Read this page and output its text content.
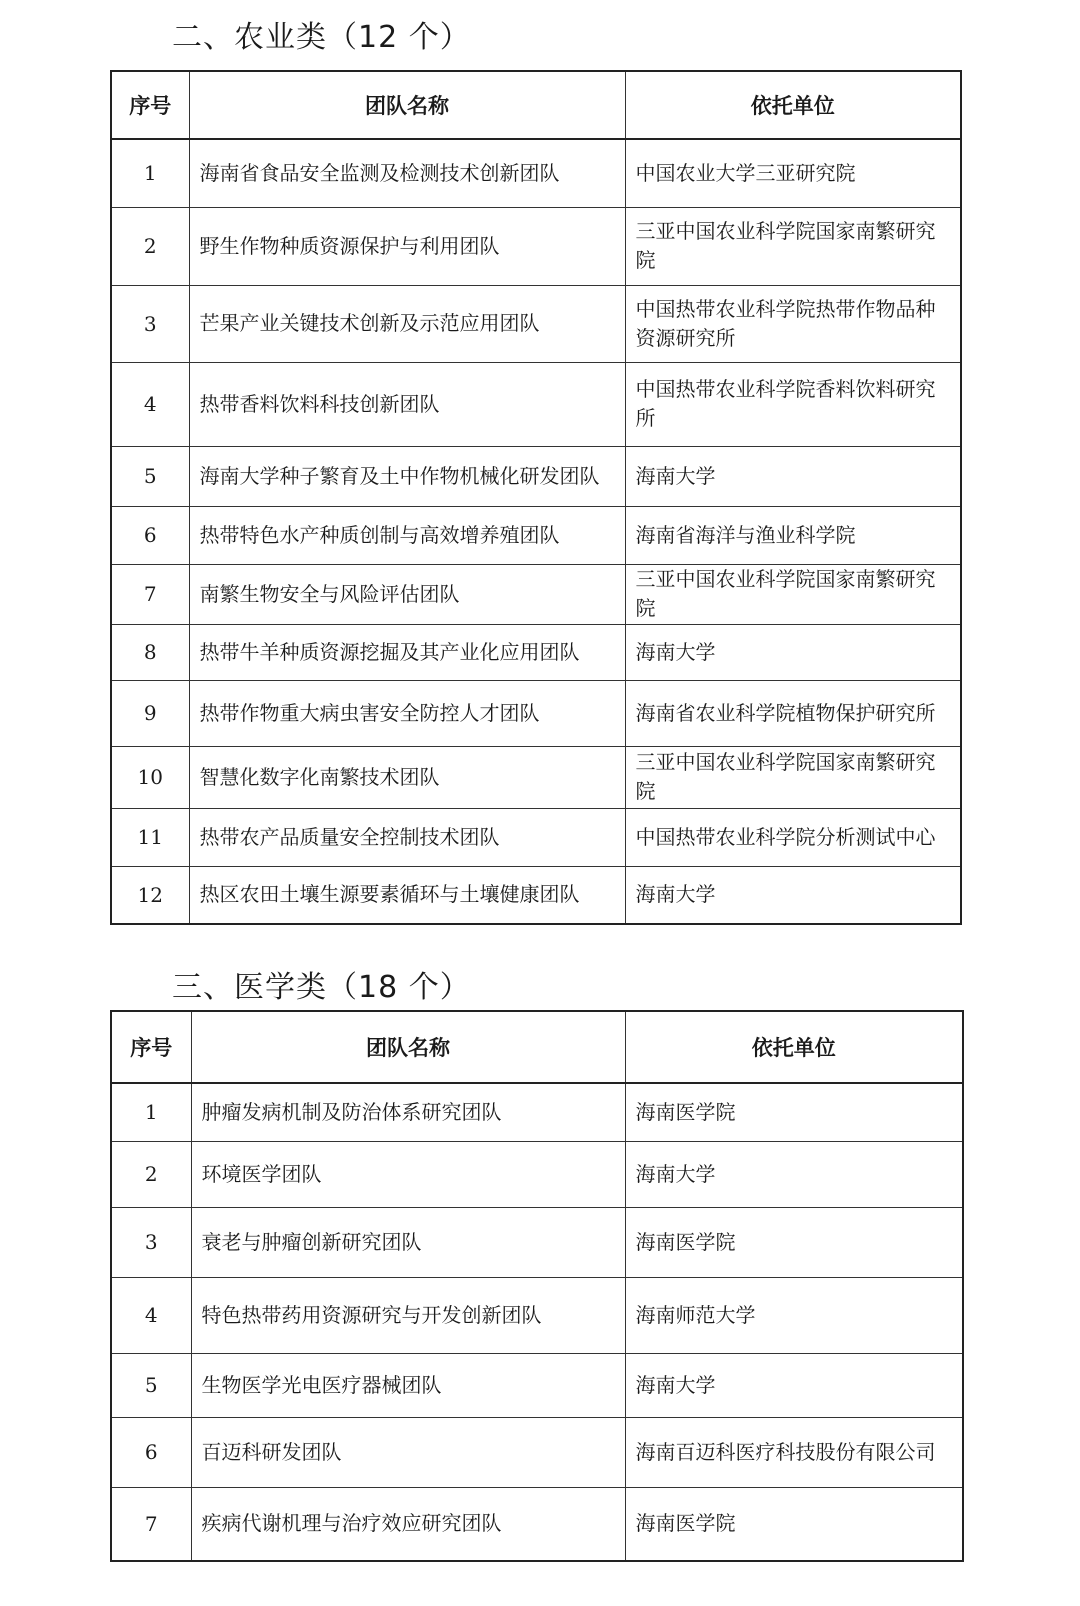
二、农业类（12 个）
序号	团队名称	依托单位
1	海南省食品安全监测及检测技术创新团队	中国农业大学三亚研究院
2	野生作物种质资源保护与利用团队	三亚中国农业科学院国家南繁研究院
3	芒果产业关键技术创新及示范应用团队	中国热带农业科学院热带作物品种资源研究所
4	热带香料饮料科技创新团队	中国热带农业科学院香料饮料研究所
5	海南大学种子繁育及土中作物机械化研发团队	海南大学
6	热带特色水产种质创制与高效增养殖团队	海南省海洋与渔业科学院
7	南繁生物安全与风险评估团队	三亚中国农业科学院国家南繁研究院
8	热带牛羊种质资源挖掘及其产业化应用团队	海南大学
9	热带作物重大病虫害安全防控人才团队	海南省农业科学院植物保护研究所
10	智慧化数字化南繁技术团队	三亚中国农业科学院国家南繁研究院
11	热带农产品质量安全控制技术团队	中国热带农业科学院分析测试中心
12	热区农田土壤生源要素循环与土壤健康团队	海南大学
三、医学类（18 个）
序号	团队名称	依托单位
1	肿瘤发病机制及防治体系研究团队	海南医学院
2	环境医学团队	海南大学
3	衰老与肿瘤创新研究团队	海南医学院
4	特色热带药用资源研究与开发创新团队	海南师范大学
5	生物医学光电医疗器械团队	海南大学
6	百迈科研发团队	海南百迈科医疗科技股份有限公司
7	疾病代谢机理与治疗效应研究团队	海南医学院
